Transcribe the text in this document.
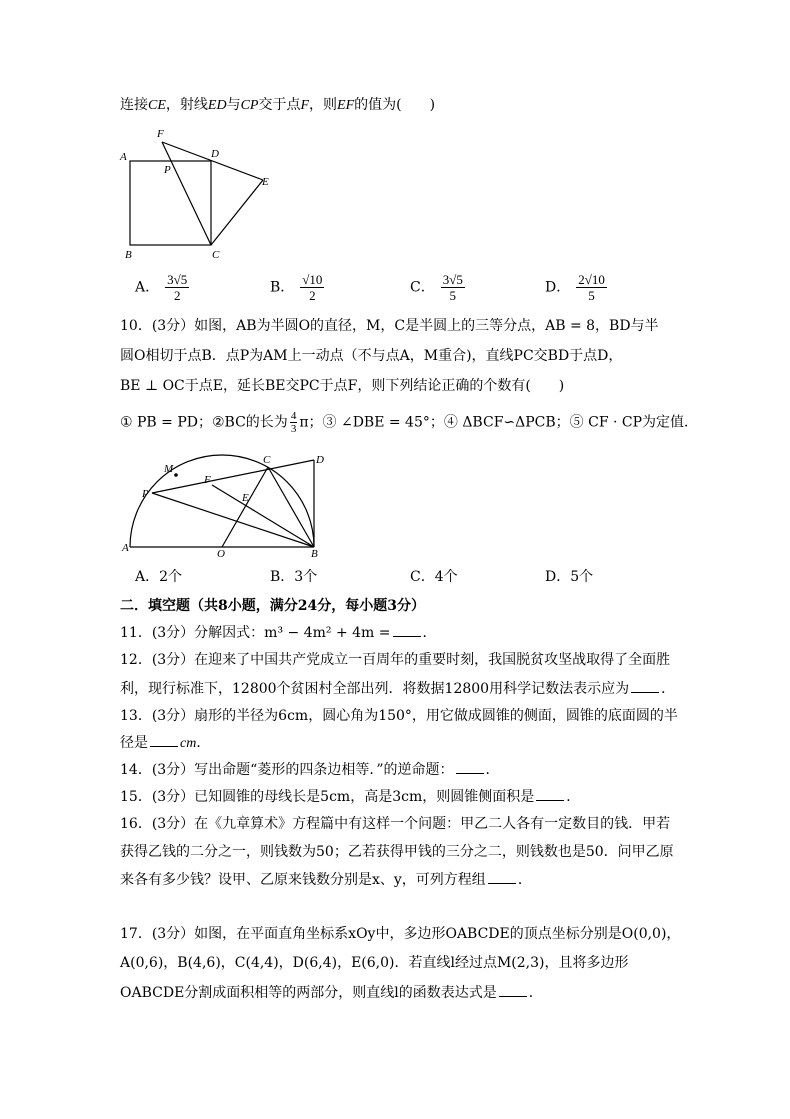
连接CE，射线ED与CP交于点F，则EF的值为(　　)
F
A
P
D
E
B	C
A． $\frac{3√5}{2}$	B． $\frac{√10}{2}$	C． $\frac{3√5}{5}$	D． $\frac{2√10}{5}$
10．(3分）如图，AB为半圆O的直径，M，C是半圆上的三等分点，AB = 8，BD与半
圆O相切于点B．点P为AM上一动点（不与点A，M重合)，直线PC交BD于点D，
BE ⊥ OC于点E，延长BE交PC于点F，则下列结论正确的个数有(　　)
① PB = PD；②BC的长为 $\frac{4}{3}$ π；③ ∠DBE = 45°；④ ΔBCF∽ΔPCB；⑤ CF · CP为定值．
M
C	D
P
F
E
A	O	B
A．2个	B．3个	C．4个	D．5个
二．填空题（共8小题，满分24分，每小题3分）
11．(3分）分解因式：m³ − 4m² + 4m = ．
12．(3分）在迎来了中国共产党成立一百周年的重要时刻，我国脱贫攻坚战取得了全面胜
利，现行标准下，12800个贫困村全部出列．将数据12800用科学记数法表示应为 ．
13．(3分）扇形的半径为6cm，圆心角为150°，用它做成圆锥的侧面，圆锥的底面圆的半
径是 cm．
14．(3分）写出命题“菱形的四条边相等．”的逆命题： ．
15．(3分）已知圆锥的母线长是5cm，高是3cm，则圆锥侧面积是 ．
16．(3分）在《九章算术》方程篇中有这样一个问题：甲乙二人各有一定数目的钱．甲若
获得乙钱的二分之一，则钱数为50；乙若获得甲钱的三分之二，则钱数也是50．问甲乙原
来各有多少钱？设甲、乙原来钱数分别是x、y，可列方程组 ．
17．(3分）如图，在平面直角坐标系xOy中，多边形OABCDE的顶点坐标分别是O(0,0)，
A(0,6)，B(4,6)，C(4,4)，D(6,4)，E(6,0)．若直线l经过点M(2,3)，且将多边形
OABCDE分割成面积相等的两部分，则直线l的函数表达式是 ．
